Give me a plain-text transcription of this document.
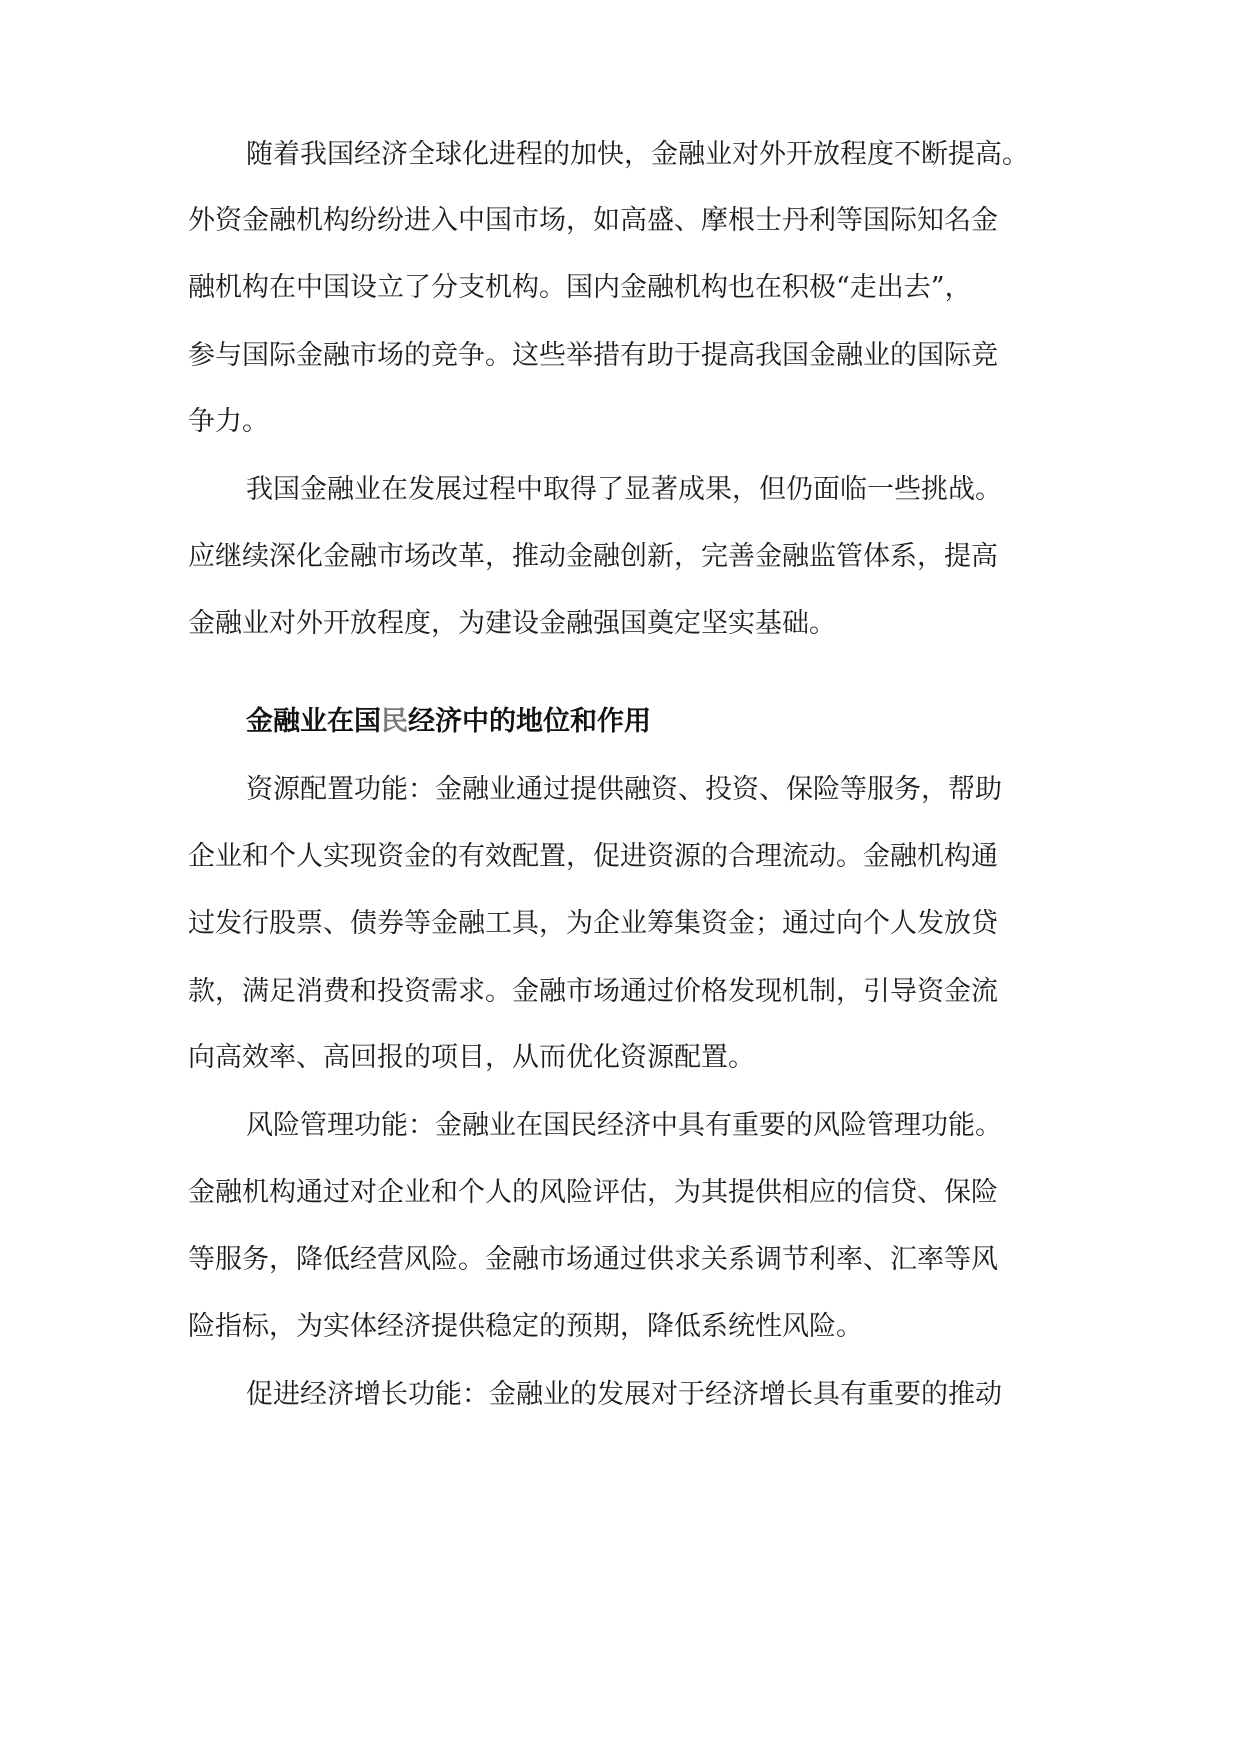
随着我国经济全球化进程的加快，金融业对外开放程度不断提高。

外资金融机构纷纷进入中国市场，如高盛、摩根士丹利等国际知名金

融机构在中国设立了分支机构。国内金融机构也在积极“走出去”，

参与国际金融市场的竞争。这些举措有助于提高我国金融业的国际竞

争力。

我国金融业在发展过程中取得了显著成果，但仍面临一些挑战。

应继续深化金融市场改革，推动金融创新，完善金融监管体系，提高

金融业对外开放程度，为建设金融强国奠定坚实基础。

金融业在国民经济中的地位和作用

资源配置功能：金融业通过提供融资、投资、保险等服务，帮助

企业和个人实现资金的有效配置，促进资源的合理流动。金融机构通

过发行股票、债券等金融工具，为企业筹集资金；通过向个人发放贷

款，满足消费和投资需求。金融市场通过价格发现机制，引导资金流

向高效率、高回报的项目，从而优化资源配置。

风险管理功能：金融业在国民经济中具有重要的风险管理功能。

金融机构通过对企业和个人的风险评估，为其提供相应的信贷、保险

等服务，降低经营风险。金融市场通过供求关系调节利率、汇率等风

险指标，为实体经济提供稳定的预期，降低系统性风险。

促进经济增长功能：金融业的发展对于经济增长具有重要的推动
